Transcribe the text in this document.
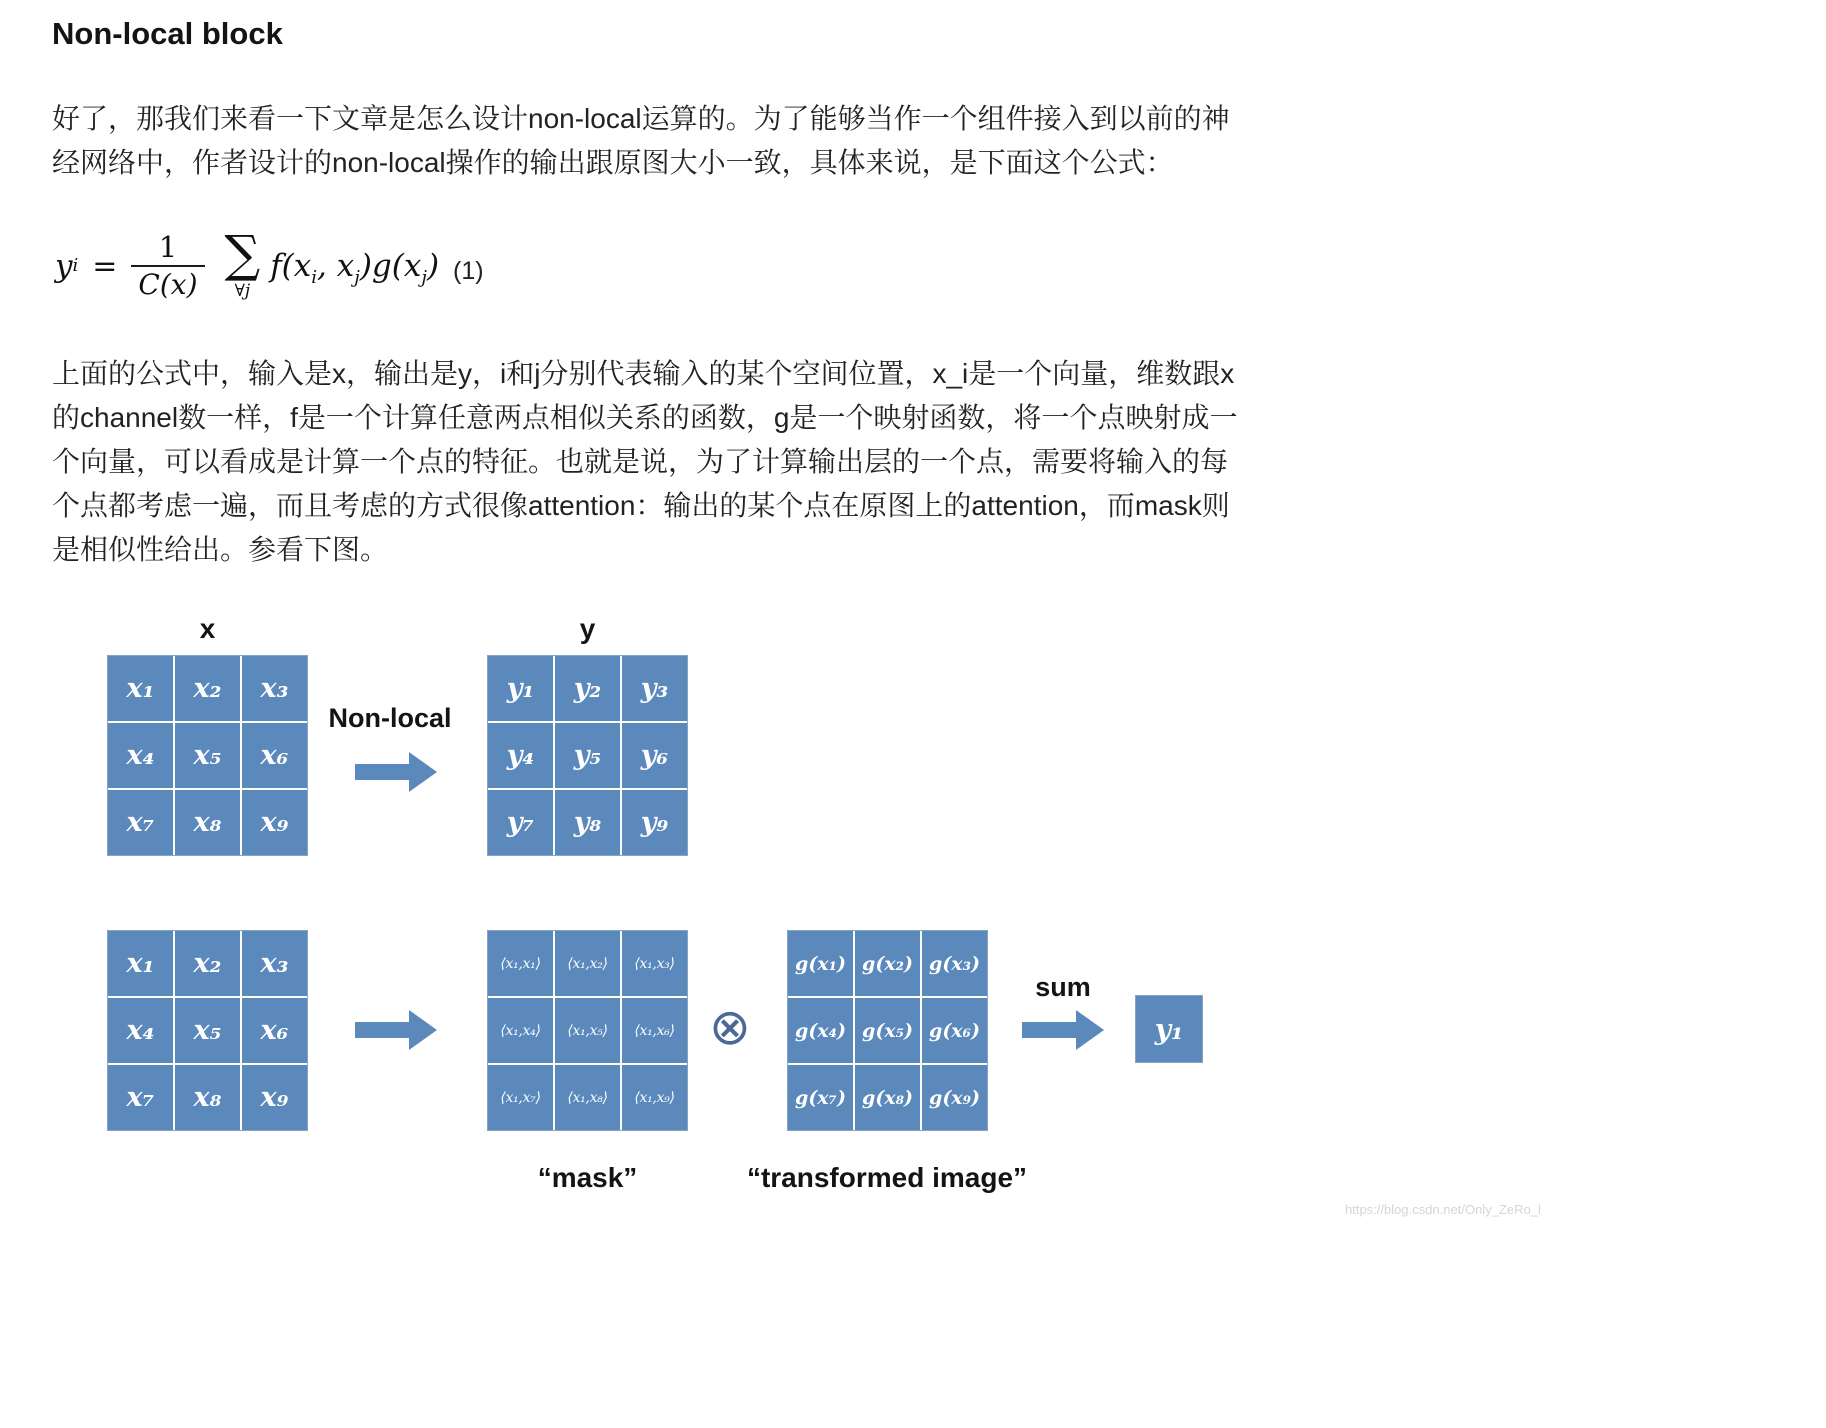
Non-local block

好了，那我们来看一下文章是怎么设计non-local运算的。为了能够当作一个组件接入到以前的神经网络中，作者设计的non-local操作的输出跟原图大小一致，具体来说，是下面这个公式：

y $i = \frac{1}{C(x)}$ ∑
∀j
$f(x_i$, $x_j)g(x_j)$ (1)

上面的公式中，输入是x，输出是y，i和j分别代表输入的某个空间位置，x_i是一个向量，维数跟x的channel数一样，f是一个计算任意两点相似关系的函数，g是一个映射函数，将一个点映射成一个向量，可以看成是计算一个点的特征。也就是说，为了计算输出层的一个点，需要将输入的每个点都考虑一遍，而且考虑的方式很像attention：输出的某个点在原图上的attention，而mask则是相似性给出。参看下图。

x	y
x₁	x₂	x₃
x₄	x₅	x₆
x₇	x₈	x₉
Non-local
y₁	y₂	y₃
y₄	y₅	y₆
y₇	y₈	y₉
x₁	x₂	x₃
x₄	x₅	x₆
x₇	x₈	x₉
⟨x₁,x₁⟩	⟨x₁,x₂⟩	⟨x₁,x₃⟩
⟨x₁,x₄⟩	⟨x₁,x₅⟩	⟨x₁,x₆⟩
⟨x₁,x₇⟩	⟨x₁,x₈⟩	⟨x₁,x₉⟩
⊗
g(x₁) g(x₂) g(x₃)
g(x₄) g(x₅) g(x₆)
g(x₇) g(x₈) g(x₉)
sum
y₁
“mask”	“transformed image”
https://blog.csdn.net/Only_ZeRo_l
